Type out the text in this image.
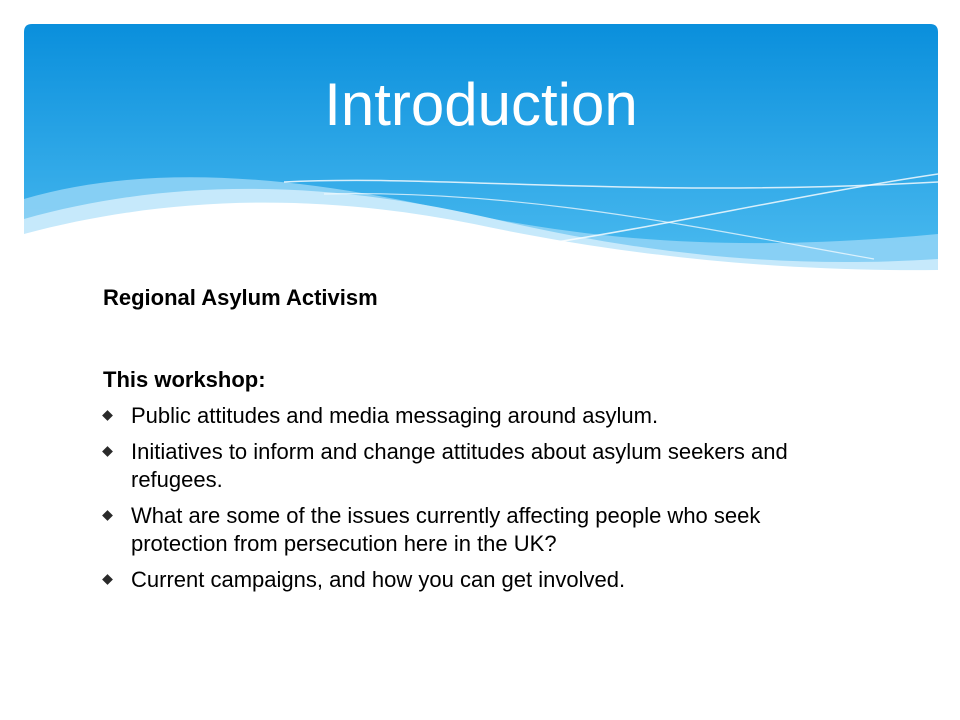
Introduction

Regional Asylum Activism

This workshop:

Public attitudes and media messaging around asylum.
Initiatives to inform and change attitudes about asylum seekers and refugees.
What are some of the issues currently affecting people who seek protection from persecution here in the UK?
Current campaigns, and how you can get involved.
